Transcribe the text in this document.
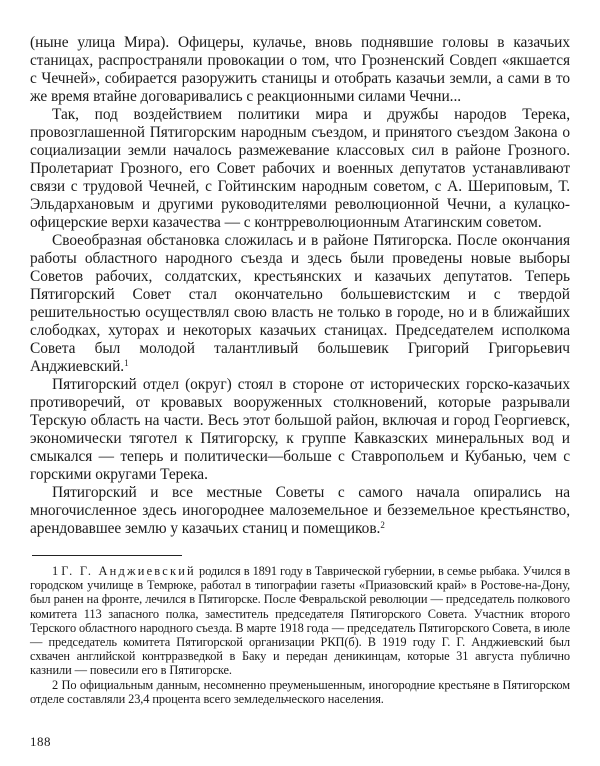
(ныне улица Мира). Офицеры, кулачье, вновь поднявшие головы в казачьих станицах, распространяли провокации о том, что Грозненский Совдеп «якшается с Чечней», собирается разоружить станицы и отобрать казачьи земли, а сами в то же время втайне договаривались с реакционными силами Чечни...

Так, под воздействием политики мира и дружбы народов Терека, провозглашенной Пятигорским народным съездом, и принятого съездом Закона о социализации земли началось размежевание классовых сил в районе Грозного. Пролетариат Грозного, его Совет рабочих и военных депутатов устанавливают связи с трудовой Чечней, с Гойтинским народным советом, с А. Шериповым, Т. Эльдархановым и другими руководителями революционной Чечни, а кулацко-офицерские верхи казачества — с контрреволюционным Атагинским советом.

Своеобразная обстановка сложилась и в районе Пятигорска. После окончания работы областного народного съезда и здесь были проведены новые выборы Советов рабочих, солдатских, крестьянских и казачьих депутатов. Теперь Пятигорский Совет стал окончательно большевистским и с твердой решительностью осуществлял свою власть не только в городе, но и в ближайших слободках, хуторах и некоторых казачьих станицах. Председателем исполкома Совета был молодой талантливый большевик Григорий Григорьевич Анджиевский.$^1$

Пятигорский отдел (округ) стоял в стороне от исторических горско-казачьих противоречий, от кровавых вооруженных столкновений, которые разрывали Терскую область на части. Весь этот большой район, включая и город Георгиевск, экономически тяготел к Пятигорску, к группе Кавказских минеральных вод и смыкался — теперь и политически—больше с Ставропольем и Кубанью, чем с горскими округами Терека.

Пятигорский и все местные Советы с самого начала опирались на многочисленное здесь иногороднее малоземельное и безземельное крестьянство, арендовавшее землю у казачьих станиц и помещиков.$^2$

1 Г. Г. Анджиевский родился в 1891 году в Таврической губернии, в семье рыбака. Учился в городском училище в Темрюке, работал в типографии газеты «Приазовский край» в Ростове-на-Дону, был ранен на фронте, лечился в Пятигорске. После Февральской революции — председатель полкового комитета 113 запасного полка, заместитель председателя Пятигорского Совета. Участник второго Терского областного народного съезда. В марте 1918 года — председатель Пятигорского Совета, в июле — председатель комитета Пятигорской организации РКП(б). В 1919 году Г. Г. Анджиевский был схвачен английской контрразведкой в Баку и передан деникинцам, которые 31 августа публично казнили — повесили его в Пятигорске.

2 По официальным данным, несомненно преуменьшенным, иногородние крестьяне в Пятигорском отделе составляли 23,4 процента всего земледельческого населения.

188
